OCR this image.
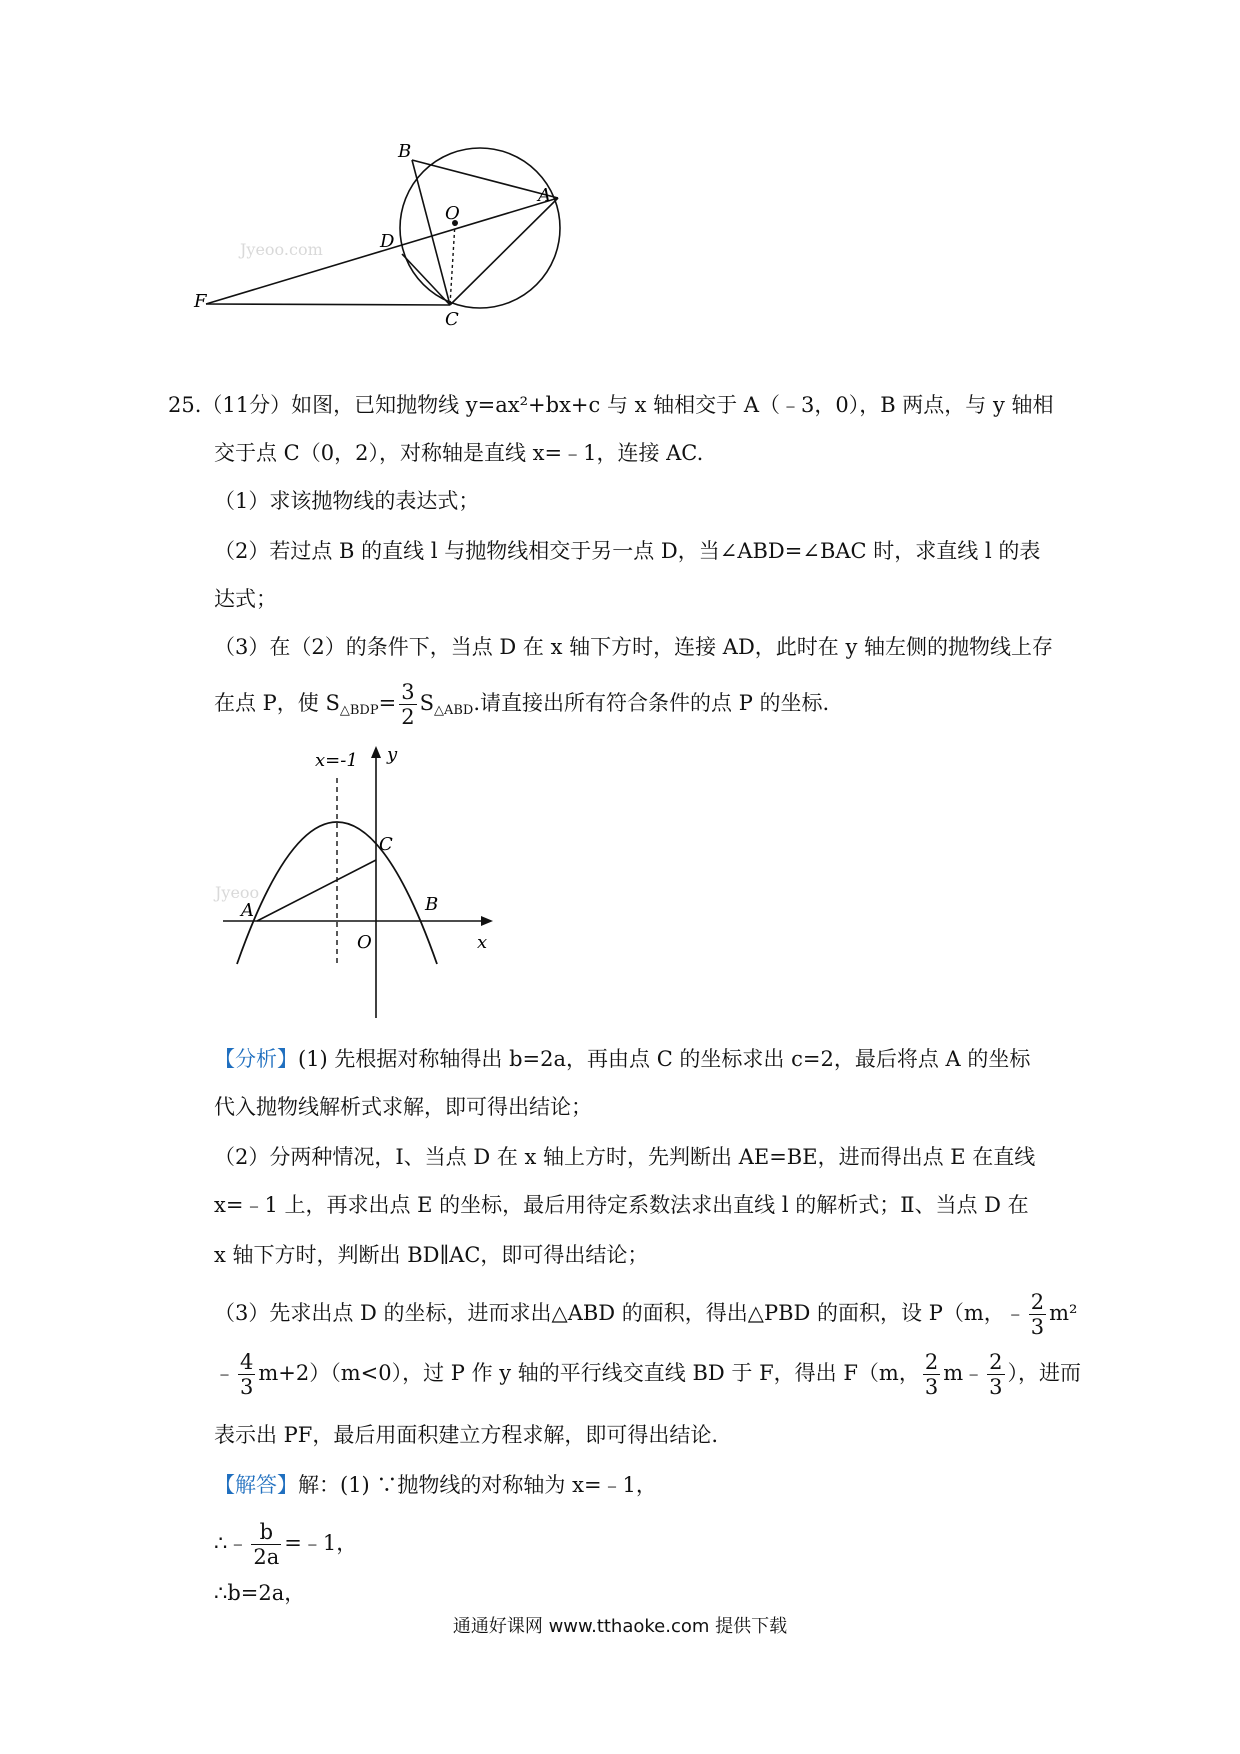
Jyeoo.com
B
A
O
D
F
C
25.（11分）如图，已知抛物线 y=ax²+bx+c 与 x 轴相交于 A（﹣3，0），B 两点，与 y 轴相
交于点 C（0，2），对称轴是直线 x=﹣1，连接 AC.
（1）求该抛物线的表达式；
（2）若过点 B 的直线 l 与抛物线相交于另一点 D，当∠ABD=∠BAC 时，求直线 l 的表
达式；
（3）在（2）的条件下，当点 D 在 x 轴下方时，连接 AD，此时在 y 轴左侧的抛物线上存
在点 P，使 $S_{\triangle BDP}= \frac{3}{2} S_{\triangle ABD}$.请直接出所有符合条件的点 P 的坐标.
Jyeoo
x=-1 y
C
A	B
O	x
【分析】(1) 先根据对称轴得出 b=2a，再由点 C 的坐标求出 c=2，最后将点 A 的坐标
代入抛物线解析式求解，即可得出结论；
（2）分两种情况，Ⅰ、当点 D 在 x 轴上方时，先判断出 AE=BE，进而得出点 E 在直线
x=﹣1 上，再求出点 E 的坐标，最后用待定系数法求出直线 l 的解析式；Ⅱ、当点 D 在
x 轴下方时，判断出 BD∥AC，即可得出结论；
（3）先求出点 D 的坐标，进而求出△ABD 的面积，得出△PBD 的面积，设 P（m，﹣ $\frac{2}{3} m^2$
﹣ $\frac{4}{3} m+2)(m<0)$，过 P 作 y 轴的平行线交直线 BD 于 F，得出 F（m， $\frac{2}{3}$ m﹣ $\frac{2}{3}$ ），进而
表示出 PF，最后用面积建立方程求解，即可得出结论.
【解答】解：(1) ∵抛物线的对称轴为 x=﹣1，
∴﹣ $\frac{b}{2a}$ =﹣1，
∴b=2a，
通通好课网 www.tthaoke.com 提供下载
